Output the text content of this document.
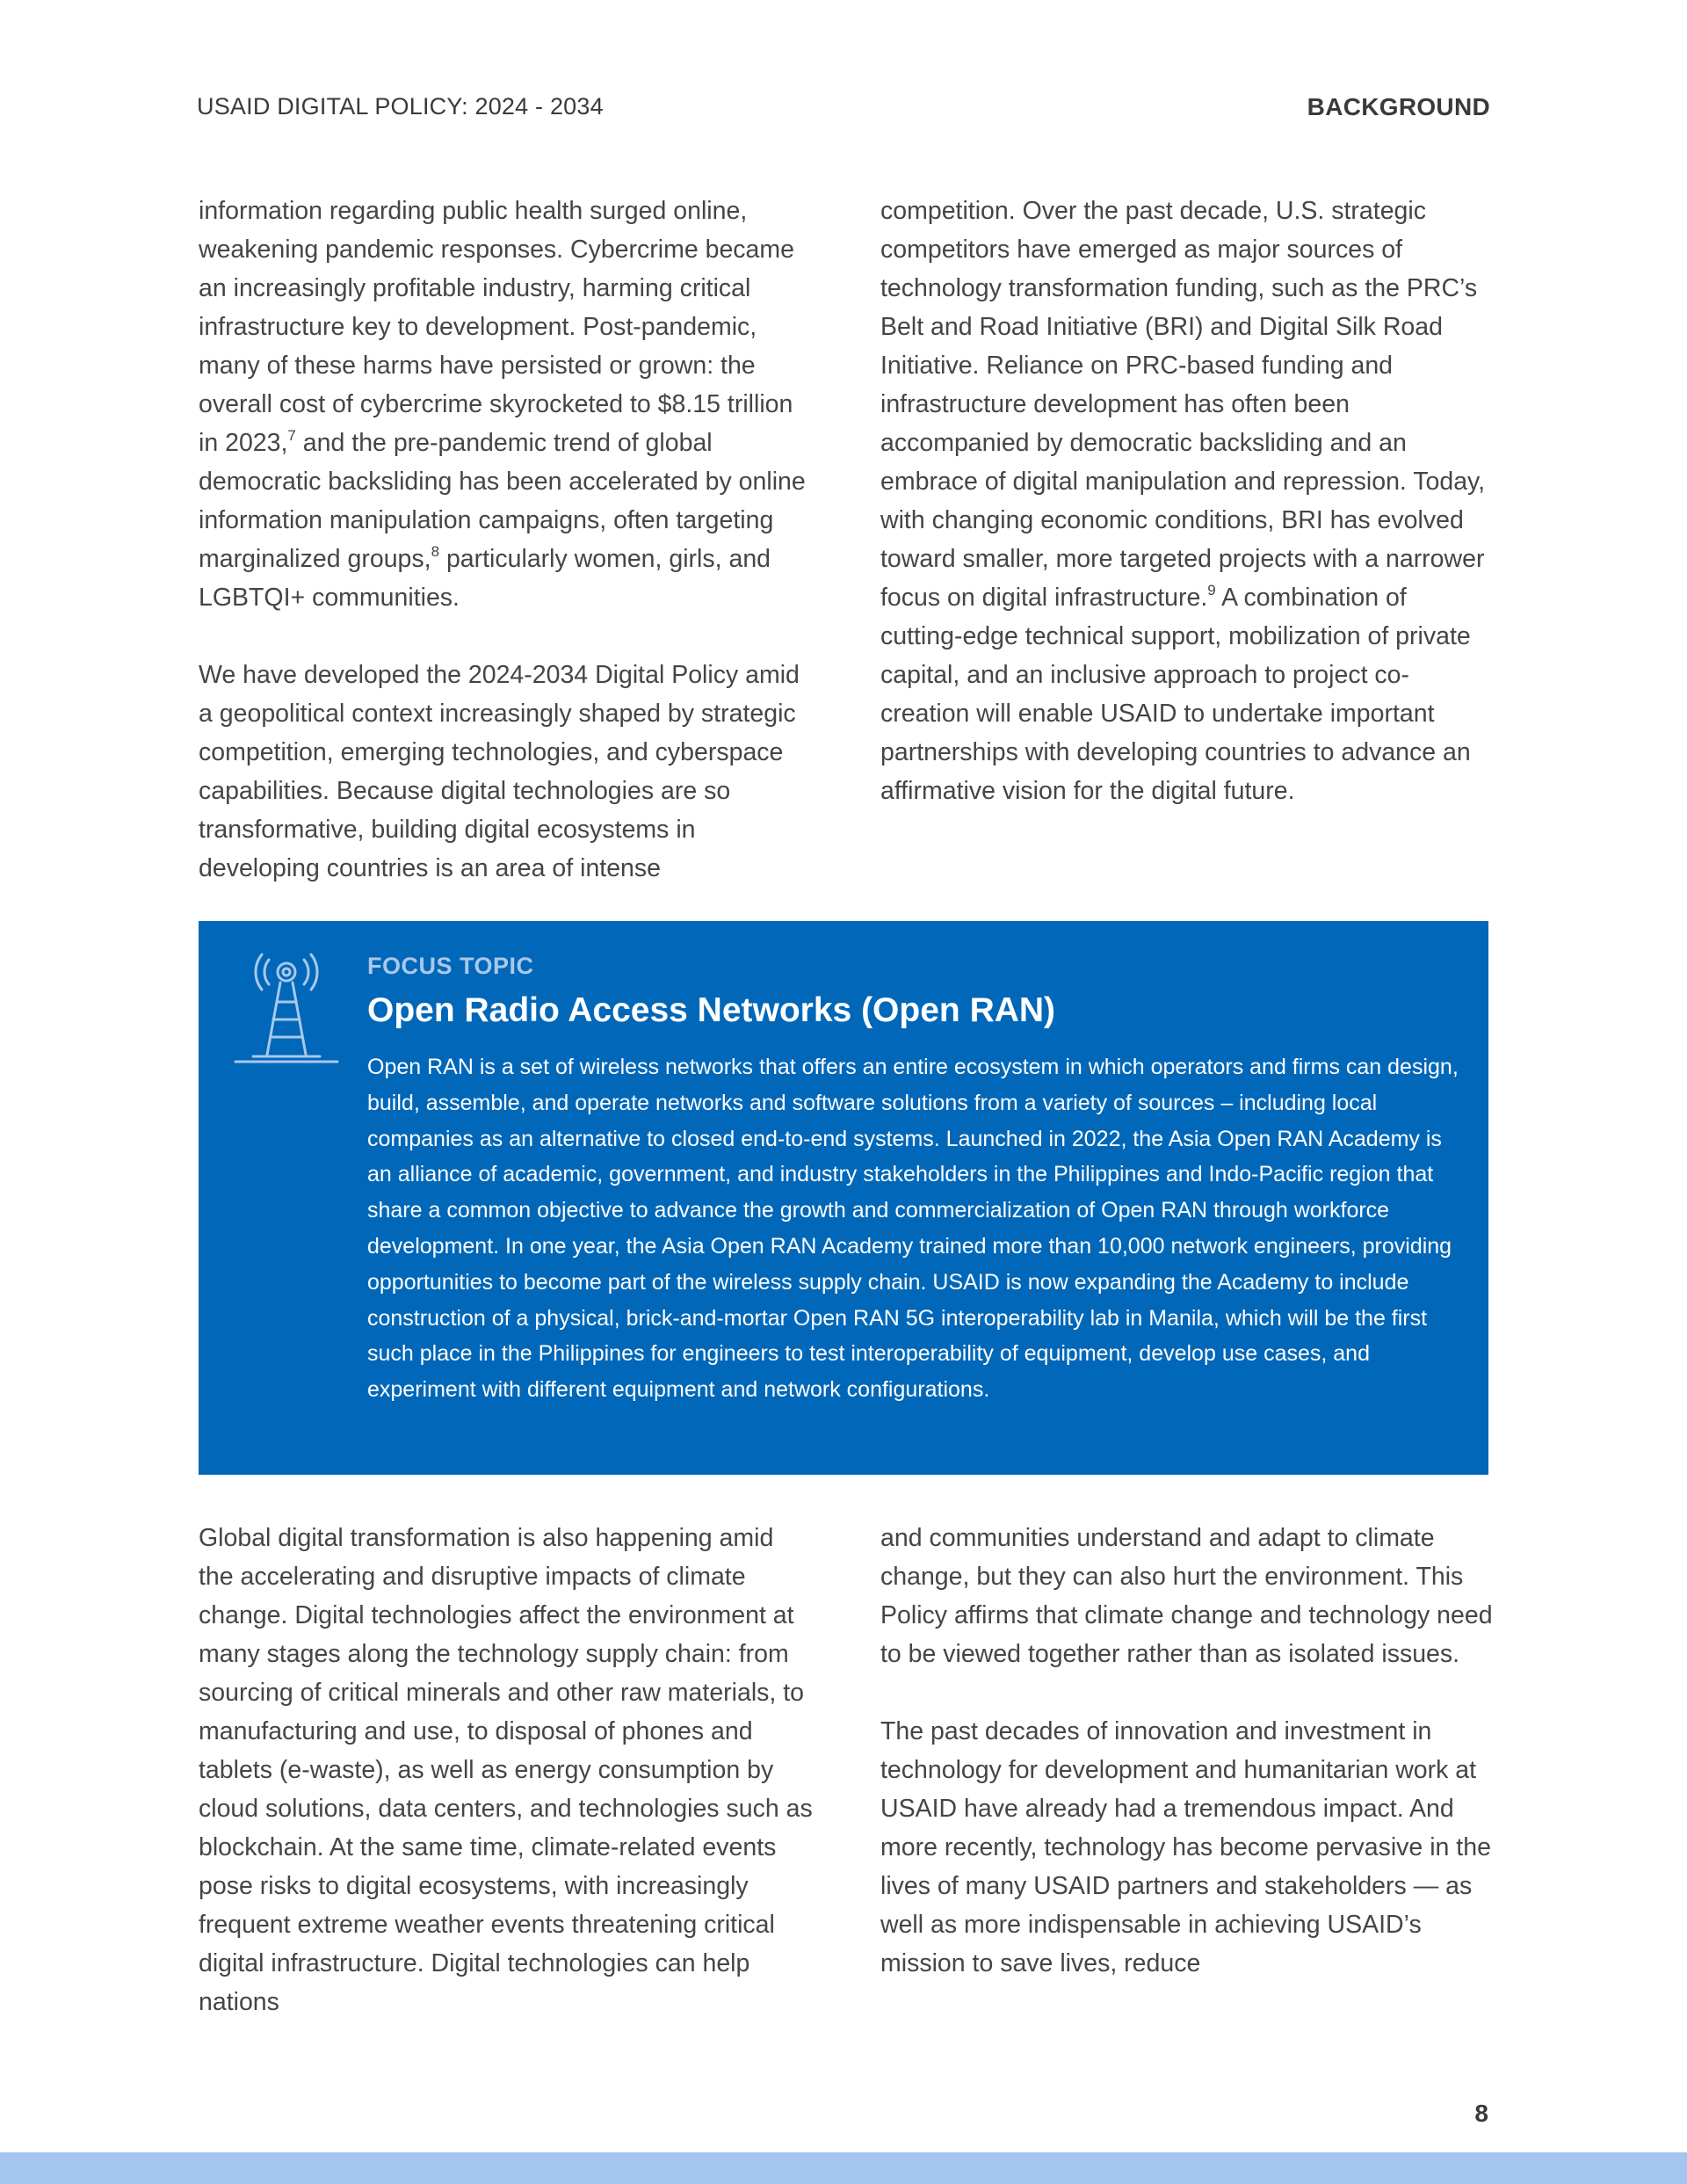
USAID DIGITAL POLICY: 2024 - 2034	BACKGROUND

information regarding public health surged online, weakening pandemic responses. Cybercrime became an increasingly profitable industry, harming critical infrastructure key to development. Post-pandemic, many of these harms have persisted or grown: the overall cost of cybercrime skyrocketed to $8.15 trillion in 2023,$^7$ and the pre-pandemic trend of global democratic backsliding has been accelerated by online information manipulation campaigns, often targeting marginalized groups,$^8$ particularly women, girls, and LGBTQI+ communities.

We have developed the 2024-2034 Digital Policy amid a geopolitical context increasingly shaped by strategic competition, emerging technologies, and cyberspace capabilities. Because digital technologies are so transformative, building digital ecosystems in developing countries is an area of intense

competition. Over the past decade, U.S. strategic competitors have emerged as major sources of technology transformation funding, such as the PRC’s Belt and Road Initiative (BRI) and Digital Silk Road Initiative. Reliance on PRC-based funding and infrastructure development has often been accompanied by democratic backsliding and an embrace of digital manipulation and repression. Today, with changing economic conditions, BRI has evolved toward smaller, more targeted projects with a narrower focus on digital infrastructure.$^9$ A combination of cutting-edge technical support, mobilization of private capital, and an inclusive approach to project co-creation will enable USAID to undertake important partnerships with developing countries to advance an affirmative vision for the digital future.

FOCUS TOPIC
Open Radio Access Networks (Open RAN)
Open RAN is a set of wireless networks that offers an entire ecosystem in which operators and firms can design, build, assemble, and operate networks and software solutions from a variety of sources – including local companies as an alternative to closed end-to-end systems. Launched in 2022, the Asia Open RAN Academy is an alliance of academic, government, and industry stakeholders in the Philippines and Indo-Pacific region that share a common objective to advance the growth and commercialization of Open RAN through workforce development. In one year, the Asia Open RAN Academy trained more than 10,000 network engineers, providing opportunities to become part of the wireless supply chain. USAID is now expanding the Academy to include construction of a physical, brick-and-mortar Open RAN 5G interoperability lab in Manila, which will be the first such place in the Philippines for engineers to test interoperability of equipment, develop use cases, and experiment with different equipment and network configurations.

Global digital transformation is also happening amid the accelerating and disruptive impacts of climate change. Digital technologies affect the environment at many stages along the technology supply chain: from sourcing of critical minerals and other raw materials, to manufacturing and use, to disposal of phones and tablets (e-waste), as well as energy consumption by cloud solutions, data centers, and technologies such as blockchain. At the same time, climate-related events pose risks to digital ecosystems, with increasingly frequent extreme weather events threatening critical digital infrastructure. Digital technologies can help nations

and communities understand and adapt to climate change, but they can also hurt the environment. This Policy affirms that climate change and technology need to be viewed together rather than as isolated issues.

The past decades of innovation and investment in technology for development and humanitarian work at USAID have already had a tremendous impact. And more recently, technology has become pervasive in the lives of many USAID partners and stakeholders — as well as more indispensable in achieving USAID’s mission to save lives, reduce

8
